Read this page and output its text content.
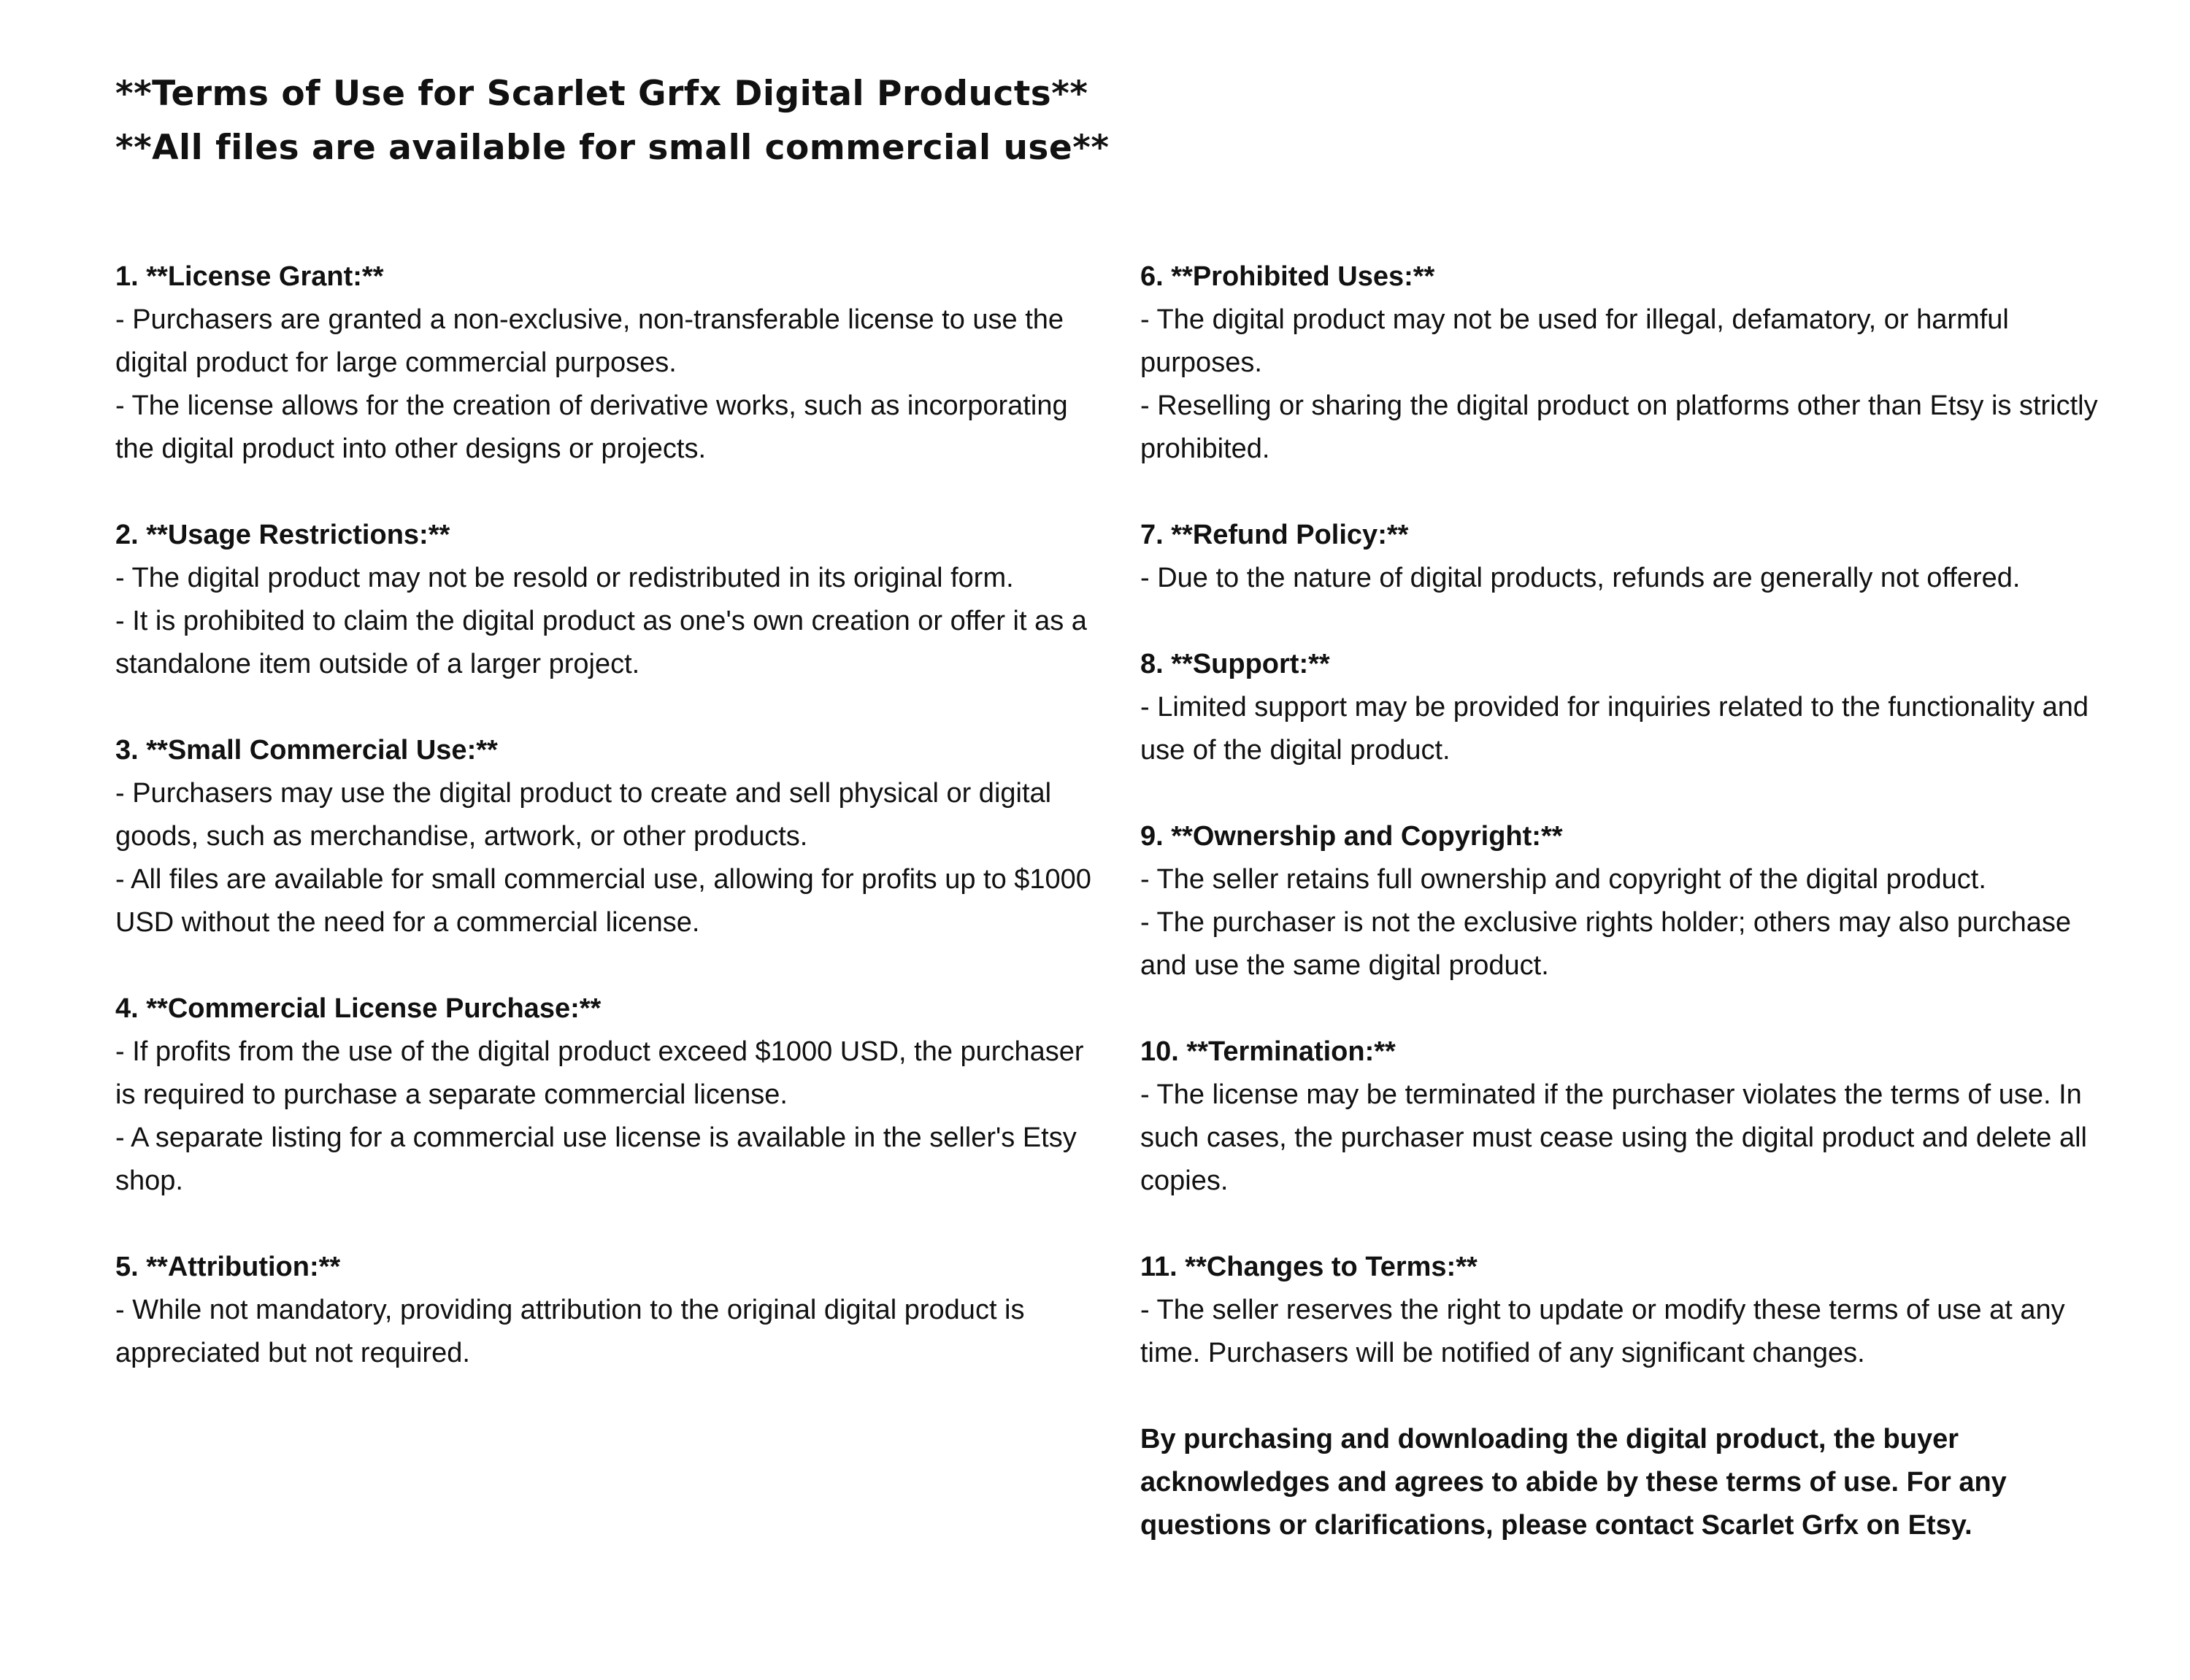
**Terms of Use for Scarlet Grfx Digital Products**
**All files are available for small commercial use**
1. **License Grant:**

- Purchasers are granted a non-exclusive, non-transferable license to use the digital product for large commercial purposes.

- The license allows for the creation of derivative works, such as incorporating the digital product into other designs or projects.

2. **Usage Restrictions:**

- The digital product may not be resold or redistributed in its original form.

- It is prohibited to claim the digital product as one's own creation or offer it as a standalone item outside of a larger project.

3. **Small Commercial Use:**

- Purchasers may use the digital product to create and sell physical or digital goods, such as merchandise, artwork, or other products.

- All files are available for small commercial use, allowing for profits up to $1000 USD without the need for a commercial license.

4. **Commercial License Purchase:**

- If profits from the use of the digital product exceed $1000 USD, the purchaser is required to purchase a separate commercial license.

- A separate listing for a commercial use license is available in the seller's Etsy shop.

5. **Attribution:**

- While not mandatory, providing attribution to the original digital product is appreciated but not required.

6. **Prohibited Uses:**

- The digital product may not be used for illegal, defamatory, or harmful purposes.

- Reselling or sharing the digital product on platforms other than Etsy is strictly prohibited.

7. **Refund Policy:**

- Due to the nature of digital products, refunds are generally not offered.

8. **Support:**

- Limited support may be provided for inquiries related to the functionality and use of the digital product.

9. **Ownership and Copyright:**

- The seller retains full ownership and copyright of the digital product.

- The purchaser is not the exclusive rights holder; others may also purchase and use the same digital product.

10. **Termination:**

- The license may be terminated if the purchaser violates the terms of use. In such cases, the purchaser must cease using the digital product and delete all copies.

11. **Changes to Terms:**

- The seller reserves the right to update or modify these terms of use at any time. Purchasers will be notified of any significant changes.

By purchasing and downloading the digital product, the buyer acknowledges and agrees to abide by these terms of use. For any questions or clarifications, please contact Scarlet Grfx on Etsy.
